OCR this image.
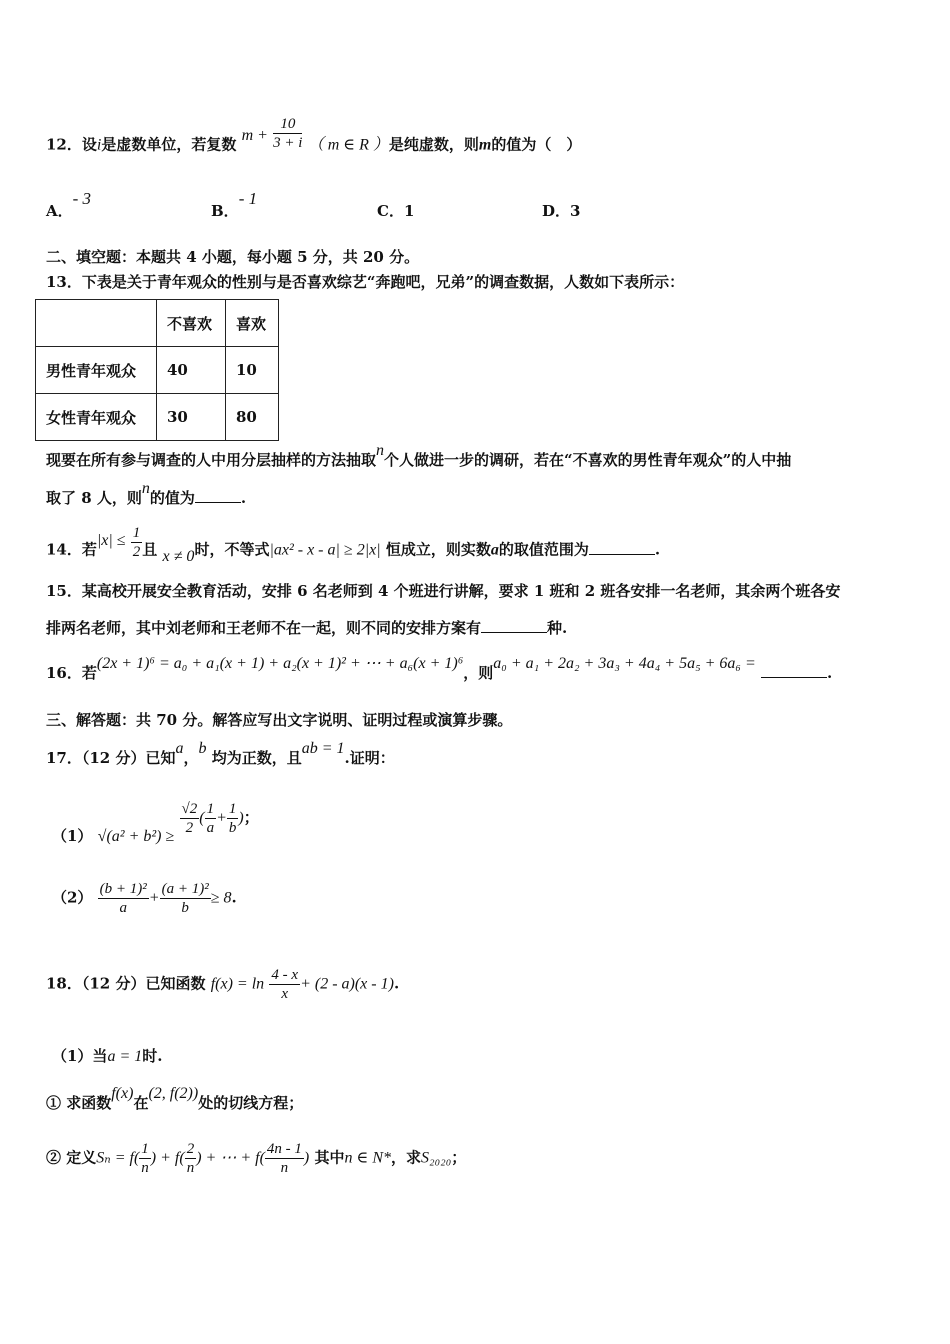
12．设i是虚数单位，若复数 $m + \frac{10}{3 + i}$ （ m ∈ R ）是纯虚数，则m的值为（　）
A．- 3
B．- 1
C．1	D．3
二、填空题：本题共 4 小题，每小题 5 分，共 20 分。
13．下表是关于青年观众的性别与是否喜欢综艺“奔跑吧，兄弟”的调查数据，人数如下表所示：
	不喜欢	喜欢
男性青年观众	40	10
女性青年观众	30	80
现要在所有参与调查的人中用分层抽样的方法抽取n个人做进一步的调研，若在“不喜欢的男性青年观众”的人中抽
取了 8 人，则n的值为	.
14．若$|x| \le \frac{1}{2}$ 且 x ≠ 0时，不等式|ax² - x - a| ≥ 2|x| 恒成立，则实数a的取值范围为	.
15．某高校开展安全教育活动，安排 6 名老师到 4 个班进行讲解，要求 1 班和 2 班各安排一名老师，其余两个班各安
排两名老师，其中刘老师和王老师不在一起，则不同的安排方案有	种.
16．若(2x + 1)⁶ = a₀ + a₁(x + 1) + a₂(x + 1)² + ⋯ + a₆(x + 1)⁶，则a₀ + a₁ + 2a₂ + 3a₃ + 4a₄ + 5a₅ + 6a₆ = .
三、解答题：共 70 分。解答应写出文字说明、证明过程或演算步骤。
17．（12 分）已知a，b 均为正数，且ab = 1.证明：
（1） $√(a^2 + b^2) \ge \frac{√2}{2}$ ( $\frac{1}{a} + \frac{1}{b}$ )；
$(2) \frac{\text{(b + 1)²}}{a} + \frac{\text{(a + 1)²}}{b} \ge 8$.
18．（12 分）已知函数 $f(x) = \ln \frac{4 - x}{x} + (2 - a)(x - 1)$.
（1）当a = 1时.
① 求函数f(x)在(2, f(2))处的切线方程；
② 定义$S_n = f( \frac{1}{n}$ ) + $f( \frac{2}{n}$ ) + ⋯ + $f( \frac{4n - 1}{n}$ ) 其中n ∈ N*，求S₂₀₂₀；
